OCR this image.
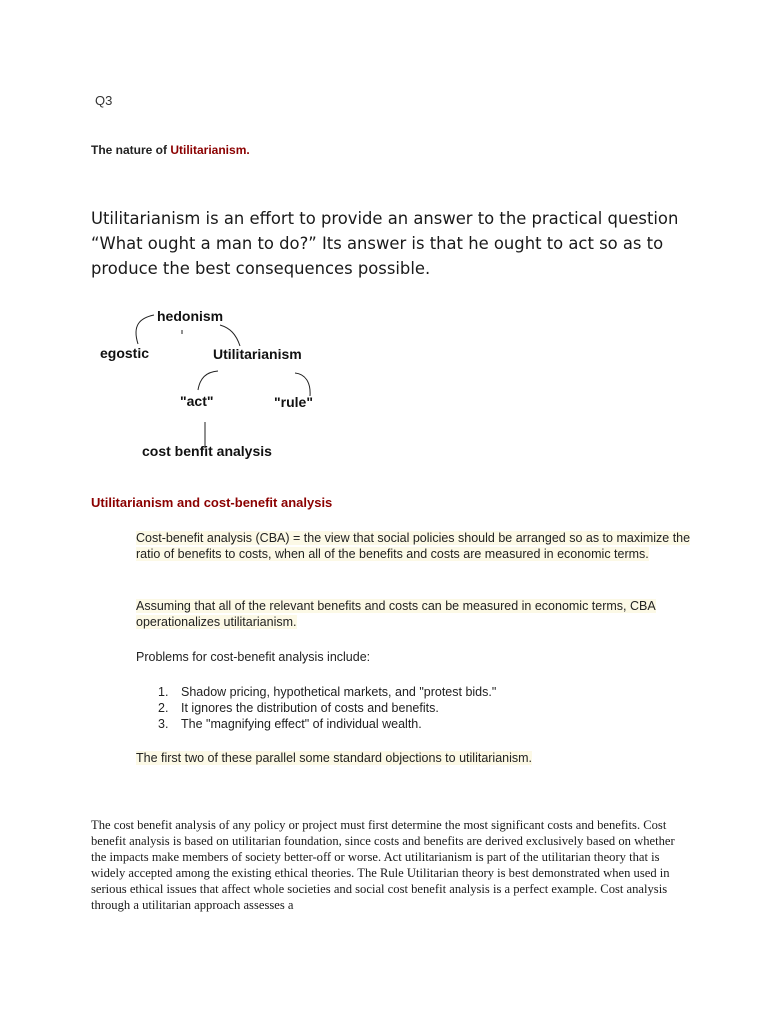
Q3
The nature of Utilitarianism.
Utilitarianism is an effort to provide an answer to the practical question “What ought a man to do?” Its answer is that he ought to act so as to produce the best consequences possible.
hedonism
egostic	Utilitarianism
"act"	"rule"
cost benfit analysis
Utilitarianism and cost-benefit analysis
Cost-benefit analysis (CBA) = the view that social policies should be arranged so as to maximize the ratio of benefits to costs, when all of the benefits and costs are measured in economic terms.
Assuming that all of the relevant benefits and costs can be measured in economic terms, CBA operationalizes utilitarianism.
Problems for cost-benefit analysis include:
1. Shadow pricing, hypothetical markets, and "protest bids."
2. It ignores the distribution of costs and benefits.
3. The "magnifying effect" of individual wealth.
The first two of these parallel some standard objections to utilitarianism.
The cost benefit analysis of any policy or project must first determine the most significant costs and benefits. Cost benefit analysis is based on utilitarian foundation, since costs and benefits are derived exclusively based on whether the impacts make members of society better-off or worse. Act utilitarianism is part of the utilitarian theory that is widely accepted among the existing ethical theories. The Rule Utilitarian theory is best demonstrated when used in serious ethical issues that affect whole societies and social cost benefit analysis is a perfect example. Cost analysis through a utilitarian approach assesses a
